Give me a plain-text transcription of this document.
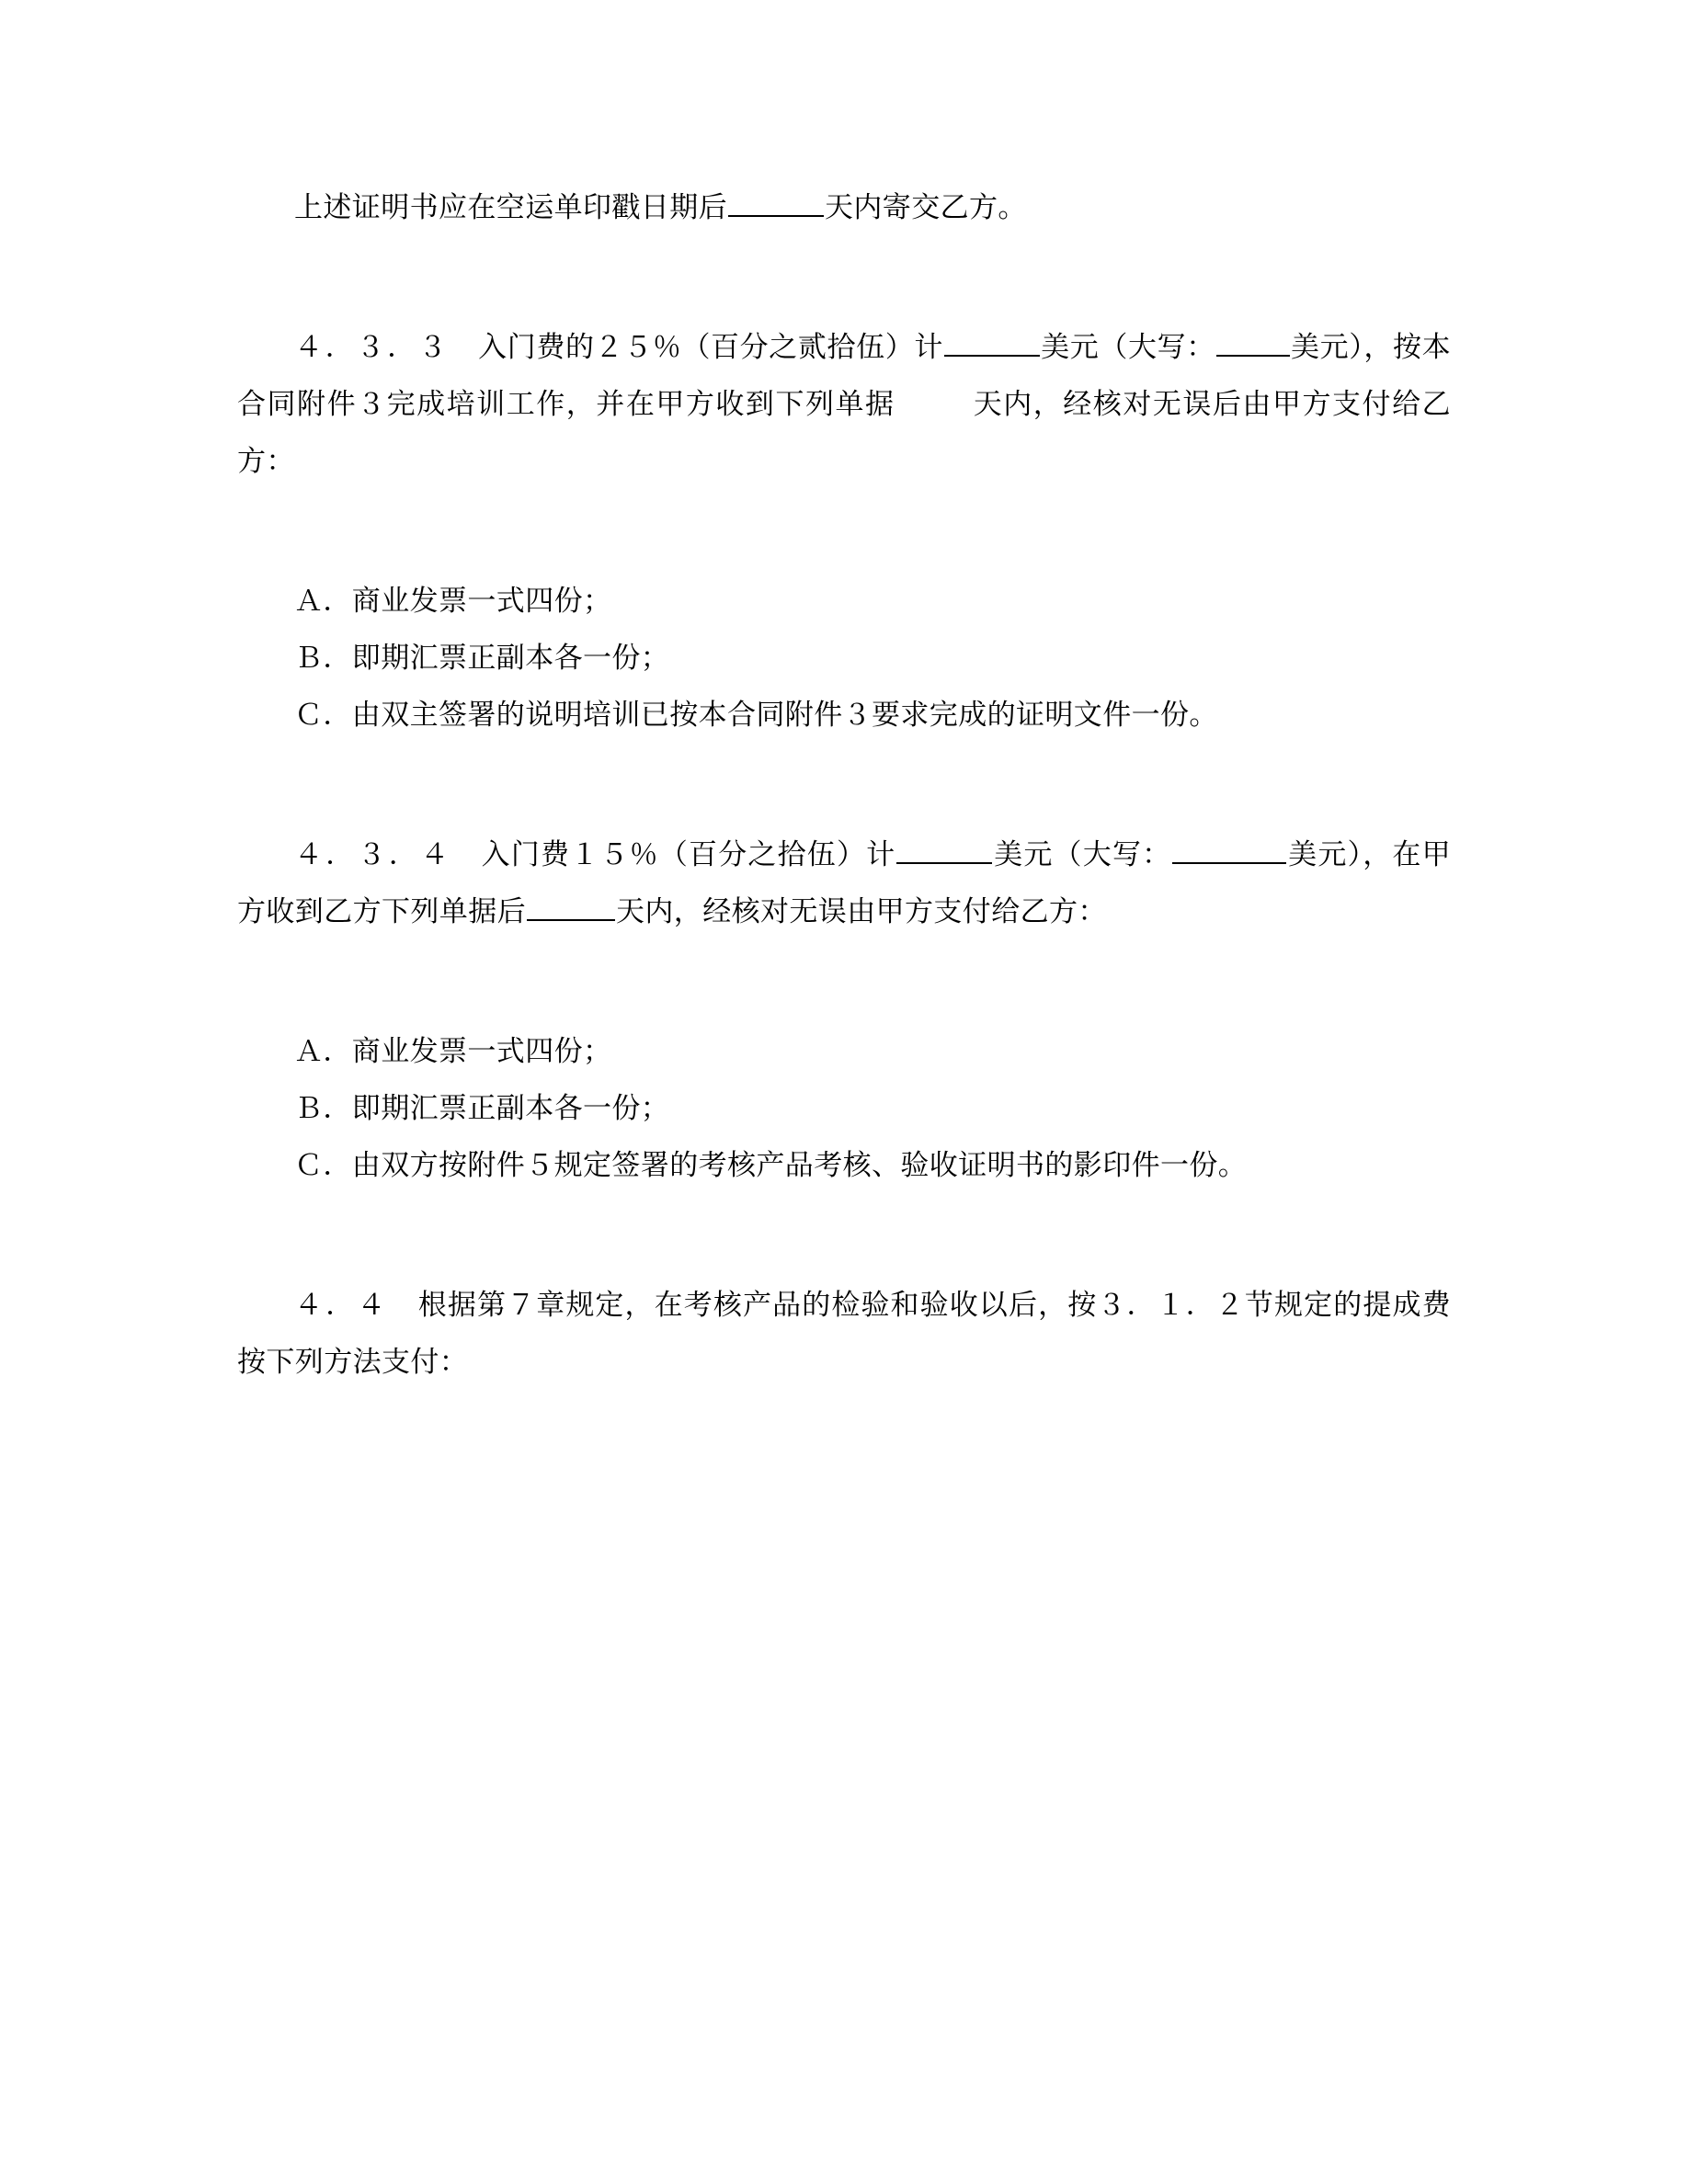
上述证明书应在空运单印戳日期后	天内寄交乙方。

４．３．３　入门费的２５％（百分之贰拾伍）计	美元（大写：	美元），按本合同附件３完成培训工作，并在甲方收到下列单据	天内，经核对无误后由甲方支付给乙方：

Ａ．商业发票一式四份；

Ｂ．即期汇票正副本各一份；

Ｃ．由双主签署的说明培训已按本合同附件３要求完成的证明文件一份。

４．３．４　入门费１５％（百分之拾伍）计	美元（大写：	美元），在甲方收到乙方下列单据后	天内，经核对无误由甲方支付给乙方：

Ａ．商业发票一式四份；

Ｂ．即期汇票正副本各一份；

Ｃ．由双方按附件５规定签署的考核产品考核、验收证明书的影印件一份。

４．４　根据第７章规定，在考核产品的检验和验收以后，按３．１．２节规定的提成费按下列方法支付：
